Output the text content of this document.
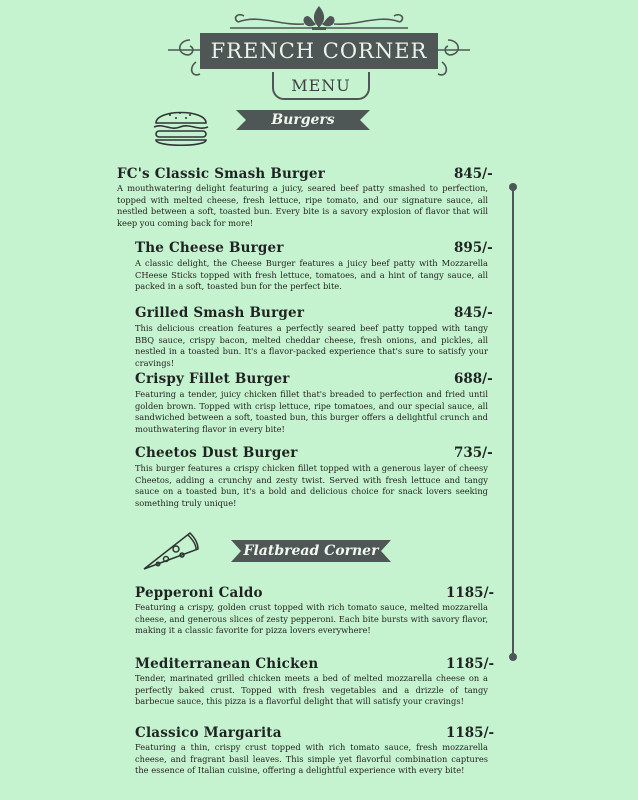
FRENCH CORNER
MENU
Burgers
FC's Classic Smash Burger	845/-

A mouthwatering delight featuring a juicy, seared beef patty smashed to perfection, topped with melted cheese, fresh lettuce, ripe tomato, and our signature sauce, all nestled between a soft, toasted bun. Every bite is a savory explosion of flavor that will keep you coming back for more!

The Cheese Burger	895/-

A classic delight, the Cheese Burger features a juicy beef patty with Mozzarella CHeese Sticks topped with fresh lettuce, tomatoes, and a hint of tangy sauce, all packed in a soft, toasted bun for the perfect bite.

Grilled Smash Burger	845/-

This delicious creation features a perfectly seared beef patty topped with tangy BBQ sauce, crispy bacon, melted cheddar cheese, fresh onions, and pickles, all nestled in a toasted bun. It's a flavor-packed experience that's sure to satisfy your cravings!

Crispy Fillet Burger	688/-

Featuring a tender, juicy chicken fillet that's breaded to perfection and fried until golden brown. Topped with crisp lettuce, ripe tomatoes, and our special sauce, all sandwiched between a soft, toasted bun, this burger offers a delightful crunch and mouthwatering flavor in every bite!

Cheetos Dust Burger	735/-

This burger features a crispy chicken fillet topped with a generous layer of cheesy Cheetos, adding a crunchy and zesty twist. Served with fresh lettuce and tangy sauce on a toasted bun, it's a bold and delicious choice for snack lovers seeking something truly unique!

Flatbread Corner
Pepperoni Caldo	1185/-

Featuring a crispy, golden crust topped with rich tomato sauce, melted mozzarella cheese, and generous slices of zesty pepperoni. Each bite bursts with savory flavor, making it a classic favorite for pizza lovers everywhere!

Mediterranean Chicken	1185/-

Tender, marinated grilled chicken meets a bed of melted mozzarella cheese on a perfectly baked crust. Topped with fresh vegetables and a drizzle of tangy barbecue sauce, this pizza is a flavorful delight that will satisfy your cravings!

Classico Margarita	1185/-

Featuring a thin, crispy crust topped with rich tomato sauce, fresh mozzarella cheese, and fragrant basil leaves. This simple yet flavorful combination captures the essence of Italian cuisine, offering a delightful experience with every bite!
